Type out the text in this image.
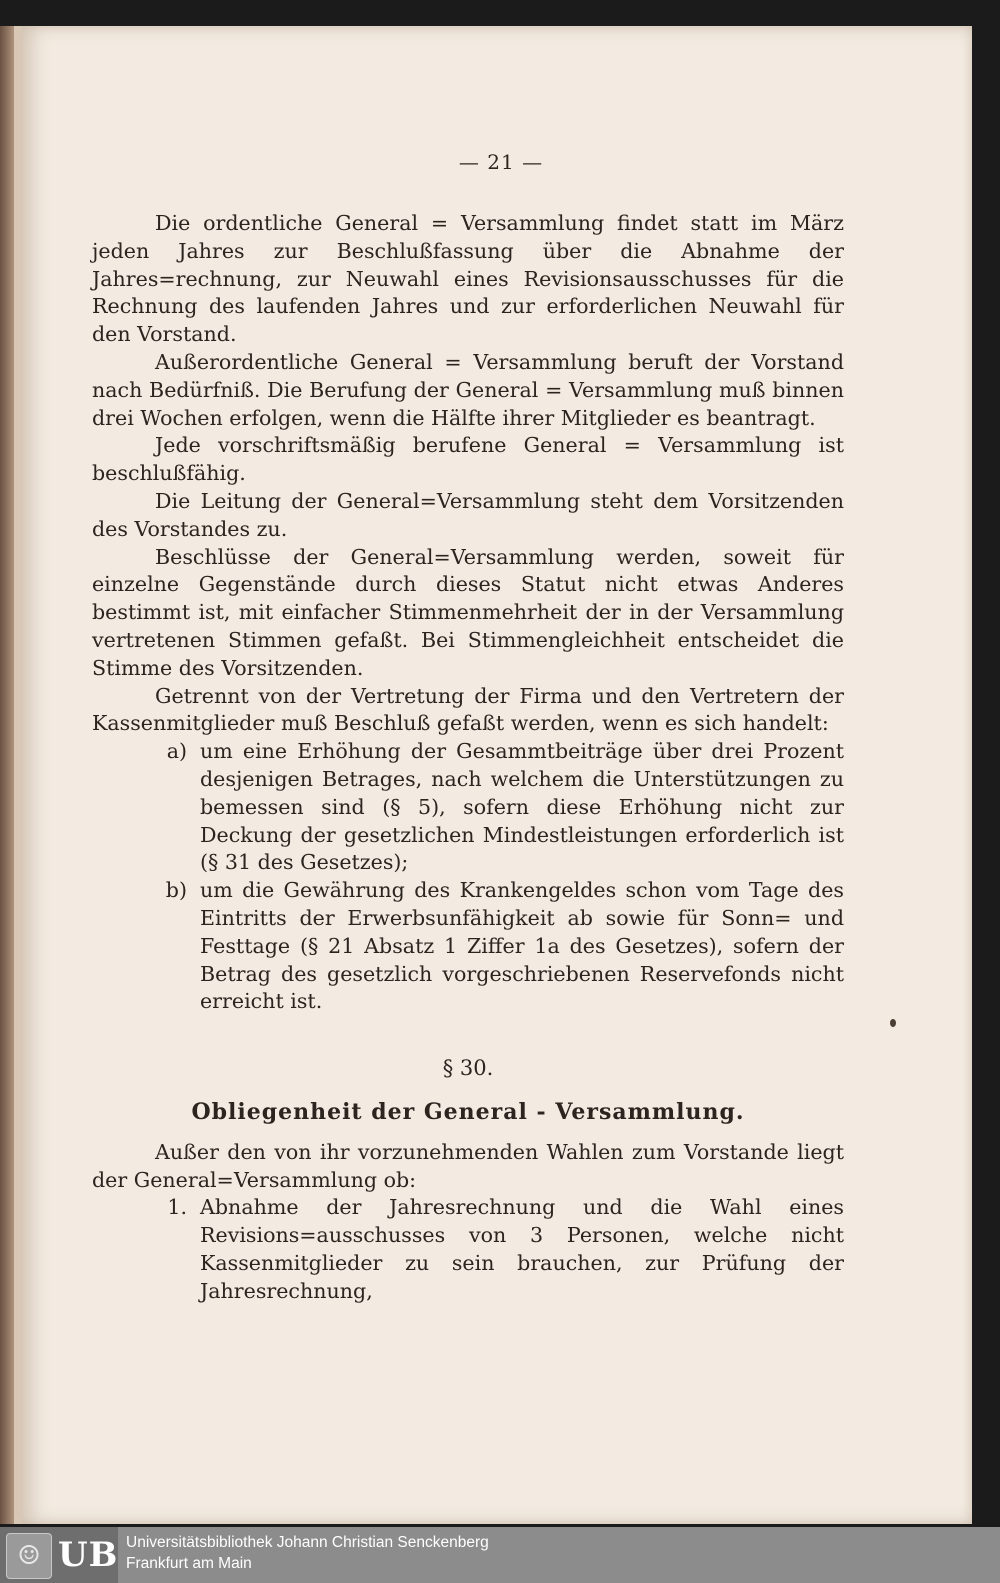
— 21 —

Die ordentliche General = Versammlung findet statt im März jeden Jahres zur Beschlußfassung über die Abnahme der Jahres=rechnung, zur Neuwahl eines Revisionsausschusses für die Rechnung des laufenden Jahres und zur erforderlichen Neuwahl für den Vorstand.

Außerordentliche General = Versammlung beruft der Vorstand nach Bedürfniß. Die Berufung der General = Versammlung muß binnen drei Wochen erfolgen, wenn die Hälfte ihrer Mitglieder es beantragt.

Jede vorschriftsmäßig berufene General = Versammlung ist beschlußfähig.

Die Leitung der General=Versammlung steht dem Vorsitzenden des Vorstandes zu.

Beschlüsse der General=Versammlung werden, soweit für einzelne Gegenstände durch dieses Statut nicht etwas Anderes bestimmt ist, mit einfacher Stimmenmehrheit der in der Versammlung vertretenen Stimmen gefaßt. Bei Stimmengleichheit entscheidet die Stimme des Vorsitzenden.

Getrennt von der Vertretung der Firma und den Vertretern der Kassenmitglieder muß Beschluß gefaßt werden, wenn es sich handelt:

a) um eine Erhöhung der Gesammtbeiträge über drei Prozent desjenigen Betrages, nach welchem die Unterstützungen zu bemessen sind (§ 5), sofern diese Erhöhung nicht zur Deckung der gesetzlichen Mindestleistungen erforderlich ist (§ 31 des Gesetzes);
b) um die Gewährung des Krankengeldes schon vom Tage des Eintritts der Erwerbsunfähigkeit ab sowie für Sonn= und Festtage (§ 21 Absatz 1 Ziffer 1a des Gesetzes), sofern der Betrag des gesetzlich vorgeschriebenen Reservefonds nicht erreicht ist.
§ 30.
Obliegenheit der General - Versammlung.

Außer den von ihr vorzunehmenden Wahlen zum Vorstande liegt der General=Versammlung ob:

1. Abnahme der Jahresrechnung und die Wahl eines Revisions=ausschusses von 3 Personen, welche nicht Kassenmitglieder zu sein brauchen, zur Prüfung der Jahresrechnung,
☺ UB Universitätsbibliothek Johann Christian Senckenberg
Frankfurt am Main
